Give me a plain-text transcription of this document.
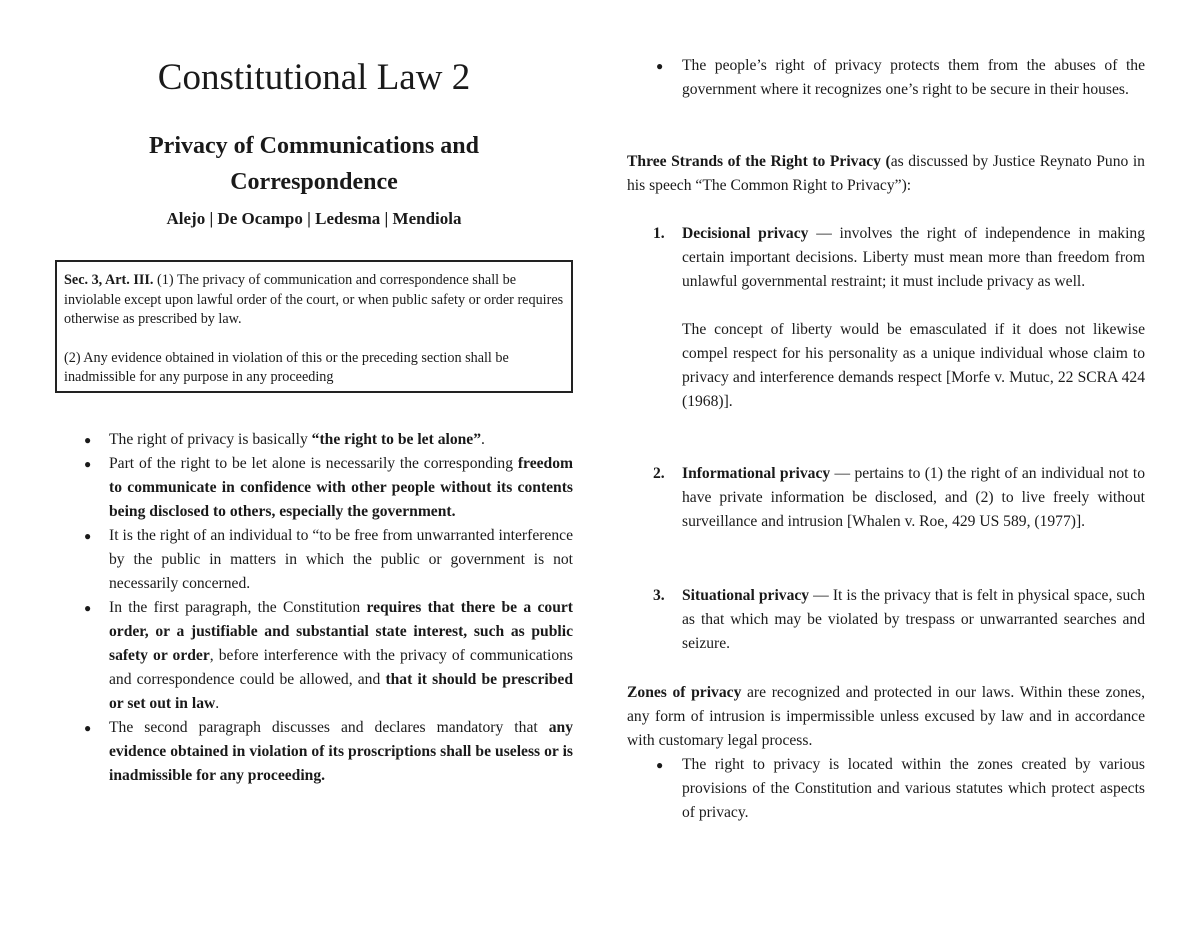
Constitutional Law 2
Privacy of Communications and
Correspondence

Alejo | De Ocampo | Ledesma | Mendiola

Sec. 3, Art. III. (1) The privacy of communication and correspondence shall be inviolable except upon lawful order of the court, or when public safety or order requires otherwise as prescribed by law.

(2) Any evidence obtained in violation of this or the preceding section shall be inadmissible for any purpose in any proceeding

● The right of privacy is basically “the right to be let alone”.
● Part of the right to be let alone is necessarily the corresponding freedom to communicate in confidence with other people without its contents being disclosed to others, especially the government.
● It is the right of an individual to “to be free from unwarranted interference by the public in matters in which the public or government is not necessarily concerned.
● In the first paragraph, the Constitution requires that there be a court order, or a justifiable and substantial state interest, such as public safety or order, before interference with the privacy of communications and correspondence could be allowed, and that it should be prescribed or set out in law.
● The second paragraph discusses and declares mandatory that any evidence obtained in violation of its proscriptions shall be useless or is inadmissible for any proceeding.
● The people’s right of privacy protects them from the abuses of the government where it recognizes one’s right to be secure in their houses.

Three Strands of the Right to Privacy (as discussed by Justice Reynato Puno in his speech “The Common Right to Privacy”):

1. Decisional privacy — involves the right of independence in making certain important decisions. Liberty must mean more than freedom from unlawful governmental restraint; it must include privacy as well.

The concept of liberty would be emasculated if it does not likewise compel respect for his personality as a unique individual whose claim to privacy and interference demands respect [Morfe v. Mutuc, 22 SCRA 424 (1968)].

2. Informational privacy — pertains to (1) the right of an individual not to have private information be disclosed, and (2) to live freely without surveillance and intrusion [Whalen v. Roe, 429 US 589, (1977)].

3. Situational privacy — It is the privacy that is felt in physical space, such as that which may be violated by trespass or unwarranted searches and seizure.

Zones of privacy are recognized and protected in our laws. Within these zones, any form of intrusion is impermissible unless excused by law and in accordance with customary legal process.

● The right to privacy is located within the zones created by various provisions of the Constitution and various statutes which protect aspects of privacy.
